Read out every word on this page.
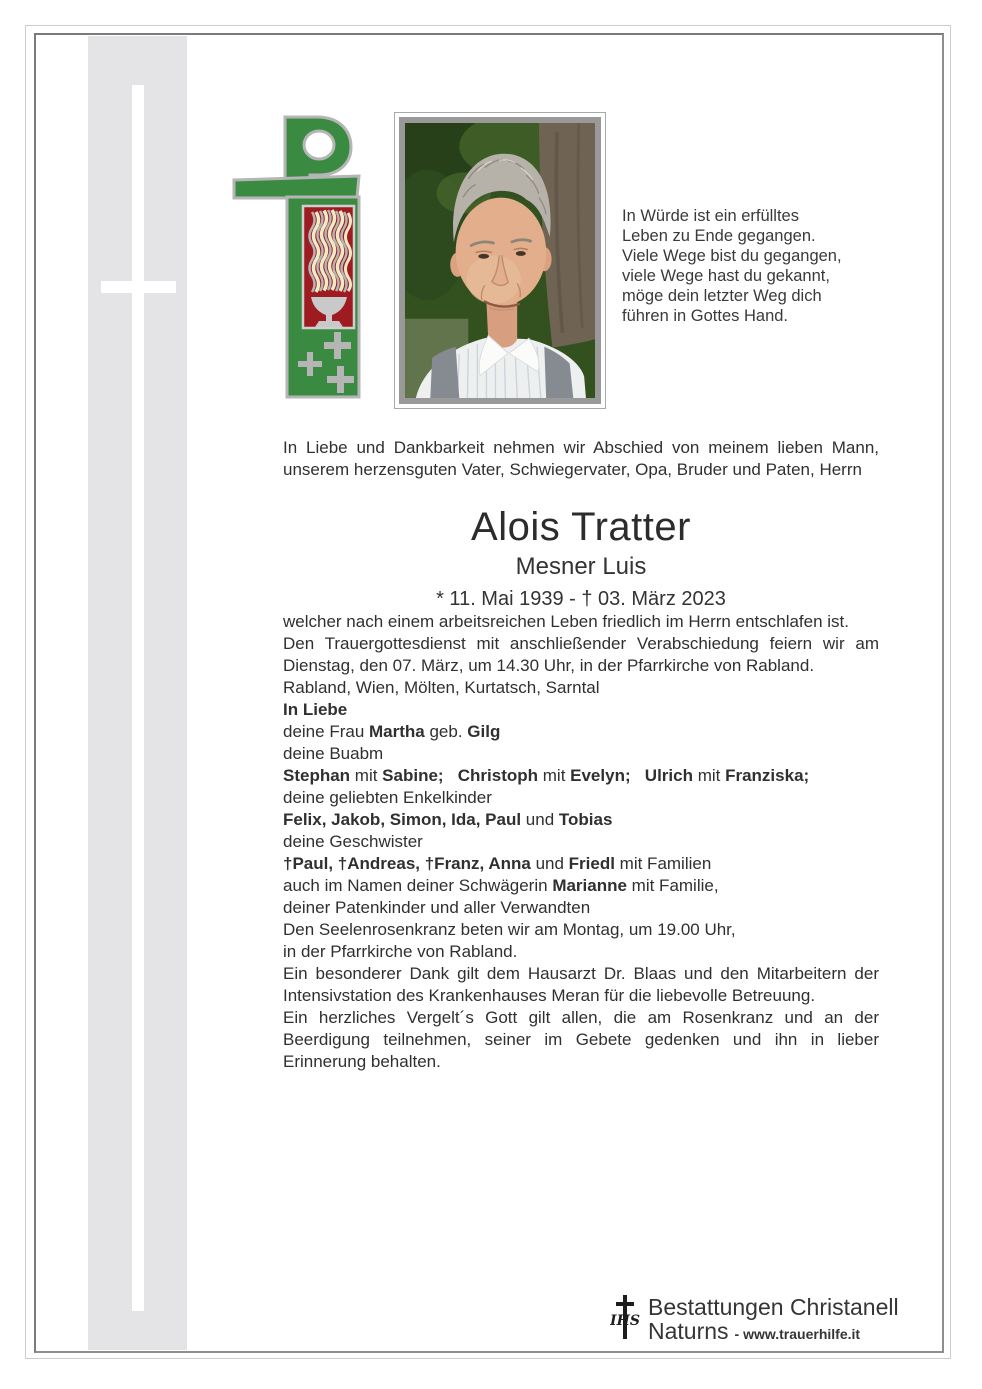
In Würde ist ein erfülltes
Leben zu Ende gegangen.
Viele Wege bist du gegangen,
viele Wege hast du gekannt,
möge dein letzter Weg dich
führen in Gottes Hand.

In Liebe und Dankbarkeit nehmen wir Abschied von meinem lieben Mann, unserem herzensguten Vater, Schwiegervater, Opa, Bruder und Paten, Herrn

Alois Tratter
Mesner Luis
* 11. Mai 1939 - † 03. März 2023

welcher nach einem arbeitsreichen Leben friedlich im Herrn entschlafen ist.

Den Trauergottesdienst mit anschließender Verabschiedung feiern wir am Dienstag, den 07. März, um 14.30 Uhr, in der Pfarrkirche von Rabland.

Rabland, Wien, Mölten, Kurtatsch, Sarntal

In Liebe

deine Frau Martha geb. Gilg

deine Buabm
Stephan mit Sabine; Christoph mit Evelyn; Ulrich mit Franziska;

deine geliebten Enkelkinder
Felix, Jakob, Simon, Ida, Paul und Tobias

deine Geschwister
†Paul, †Andreas, †Franz, Anna und Friedl mit Familien

auch im Namen deiner Schwägerin Marianne mit Familie,
deiner Patenkinder und aller Verwandten

Den Seelenrosenkranz beten wir am Montag, um 19.00 Uhr,
in der Pfarrkirche von Rabland.

Ein besonderer Dank gilt dem Hausarzt Dr. Blaas und den Mitarbeitern der Intensivstation des Krankenhauses Meran für die liebevolle Betreuung.

Ein herzliches Vergelt´s Gott gilt allen, die am Rosenkranz und an der Beerdigung teilnehmen, seiner im Gebete gedenken und ihn in lieber Erinnerung behalten.

IHS
Bestattungen Christanell
Naturns - www.trauerhilfe.it
